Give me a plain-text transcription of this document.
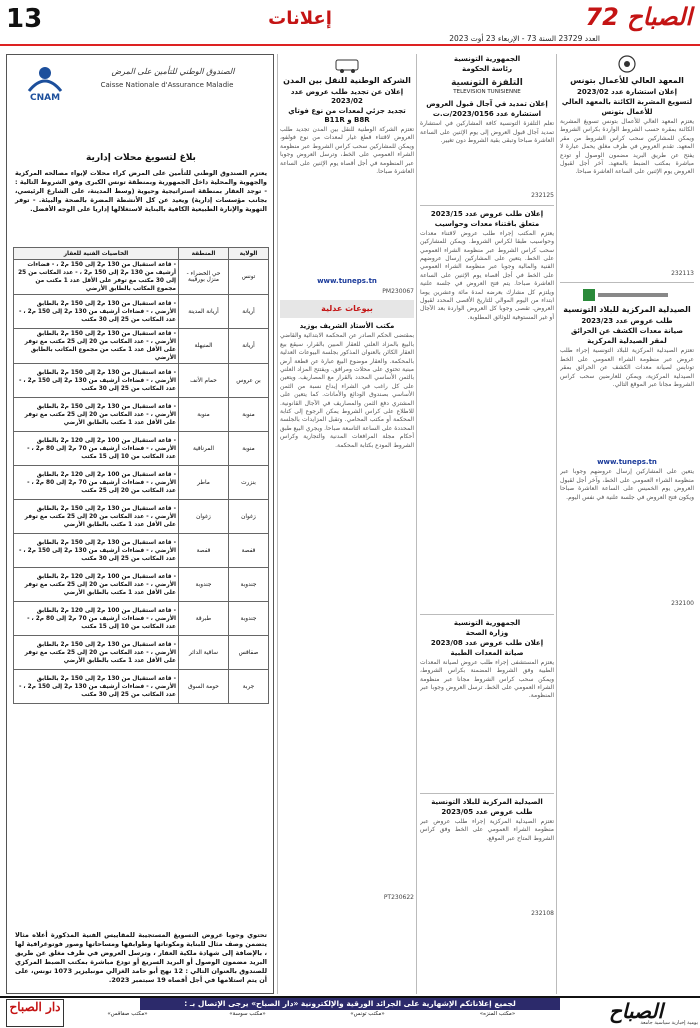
13	إعلانات	72 الصباح
العدد 23729 السنة 73 - الإربعاء 23 أوت 2023
المعهد العالي للأعمال بتونس
إعلان استشارة عدد 2023/02
لتسويغ المشربة الكائنة بالمعهد العالي
للأعمال بتونس
يعتزم المعهد العالي للأعمال بتونس تسويغ المشربة الكائنة بمقره حسب الشروط الواردة بكراس الشروط ويمكن للمشاركين سحب كراس الشروط من مقر المعهد. تقدم العروض في ظرف مغلق يحمل عبارة لا يفتح عن طريق البريد مضمون الوصول أو تودع مباشرة بمكتب الضبط بالمعهد. آخر أجل لقبول العروض يوم الإثنين على الساعة العاشرة صباحا.
232113
الصيدلية المركزية للبلاد التونسية
طلب عروض عدد 2023/23
صيانة معدات الكشف عن الحرائق
لمقر الصيدلية المركزية
تعتزم الصيدلية المركزية للبلاد التونسية إجراء طلب عروض عبر منظومة الشراء العمومي على الخط تونابس لصيانة معدات الكشف عن الحرائق بمقر الصيدلية المركزية، ويمكن للعارضين سحب كراس الشروط مجانا عبر الموقع التالي.
www.tuneps.tn
يتعين على المشاركين إرسال عروضهم وجوبا عبر منظومة الشراء العمومي على الخط، وآخر أجل لقبول العروض يوم الخميس على الساعة العاشرة صباحا ويكون فتح العروض في جلسة علنية في نفس اليوم.
232100
الجمهورية التونسية
رئاسة الحكومة
التلفزة التونسية
TELEVISION TUNISIENNE
إعلان تمديد في آجال قبول العروض
استشارة عدد 2023/0156/ت.ت
تعلم التلفزة التونسية كافة المشاركين في استشارة تمديد آجال قبول العروض إلى يوم الإثنين على الساعة العاشرة صباحا وتبقى بقية الشروط دون تغيير.
232125
إعلان طلب عروض عدد 2023/15
متعلق باقتناء معدات وحواسيب
يعتزم المكتب إجراء طلب عروض لاقتناء معدات وحواسيب طبقا لكراس الشروط. ويمكن للمشاركين سحب كراس الشروط عبر منظومة الشراء العمومي على الخط. يتعين على المشاركين إرسال عروضهم الفنية والمالية وجوبا عبر منظومة الشراء العمومي على الخط في أجل أقصاه يوم الإثنين على الساعة العاشرة صباحا. يتم فتح العروض في جلسة علنية ويلتزم كل مشارك بعرضه لمدة مائة وعشرين يوما ابتداء من اليوم الموالي للتاريخ الأقصى المحدد لقبول العروض. تقصى وجوبا كل العروض الواردة بعد الآجال أو غير المستوفية للوثائق المطلوبة.
الجمهورية التونسية
وزارة الصحة
إعلان طلب عروض عدد 2023/08
صيانة المعدات الطبية
يعتزم المستشفى إجراء طلب عروض لصيانة المعدات الطبية وفق الشروط المضمنة بكراس الشروط، ويمكن سحب كراس الشروط مجانا عبر منظومة الشراء العمومي على الخط. ترسل العروض وجوبا عبر المنظومة.
الصيدلية المركزية للبلاد التونسية
طلب عروض عدد 2023/05
تعتزم الصيدلية المركزية إجراء طلب عروض عبر منظومة الشراء العمومي على الخط وفق كراس الشروط المتاح عبر الموقع.
232108
الشركة الوطنية للنقل بين المدن
إعلان عن تجديد طلب عروض عدد 2023/02
تجديد جزئي لمعدات من نوع فوتاي B8R و B11R
تعتزم الشركة الوطنية للنقل بين المدن تجديد طلب العروض لاقتناء قطع غيار لمعدات من نوع فولفو، ويمكن للمشاركين سحب كراس الشروط عبر منظومة الشراء العمومي على الخط، وترسل العروض وجوبا عبر المنظومة في أجل أقصاه يوم الإثنين على الساعة العاشرة صباحا.
www.tuneps.tn
PM230067
بيوعات عدلية
مكتب الأستاذ الشريف بوزيد
بمقتضى الحكم الصادر عن المحكمة الابتدائية والقاضي بالبيع بالمزاد العلني للعقار المبين بالقرار، سيقع بيع العقار الكائن بالعنوان المذكور بجلسة البيوعات العدلية بالمحكمة. والعقار موضوع البيع عبارة عن قطعة أرض مبنية تحتوي على محلات ومرافق. ويفتتح المزاد العلني بالثمن الأساسي المحدد بالقرار مع المصاريف. ويتعين على كل راغب في الشراء إيداع نسبة من الثمن الأساسي بصندوق الودائع والأمانات. كما يتعين على المشتري دفع الثمن والمصاريف في الآجال القانونية. للاطلاع على كراس الشروط يمكن الرجوع إلى كتابة المحكمة أو مكتب المحامي. وتقبل المزايدات بالجلسة المحددة على الساعة التاسعة صباحا. ويجري البيع طبق أحكام مجلة المرافعات المدنية والتجارية وكراس الشروط المودع بكتابة المحكمة.
PT230622
CNAM
الصندوق الوطني للتأمين على المرض
Caisse Nationale d'Assurance Maladie
بلاغ لتسويغ محلات إدارية
يعتزم الصندوق الوطني للتأمين على المرض كراء محلات لإيواء مصالحه المركزية والجهوية والمحلية داخل الجمهورية وبمنطقة تونس الكبرى وفق الشروط التالية : - توجد العقار بمنطقة استراتيجية وحيوية (وسط المدينة، على الشارع الرئيسي، بجانب مؤسسات إدارية) ويعيد عن كل الأنشطة المضرة بالصحة والبيئة. - توفر التهوية والإنارة الطبيعية الكافية بالبناية لاستغلالها إداريا على الوجه الأفضل.
الولاية	المنطقة	الخاصيات الفنية للعقار
تونس	حي الخضراء - منزل بورقيبة	- قاعة استقبال من 130 م2 إلى 150 م2 ، - فضاءات أرشيف من 130 م2 إلى 150 م2 ، - عدد المكاتب من 25 إلى 30 مكتب مع توفر على الأقل عدد 1 مكتب من مجموع المكاتب بالطابق الأرضي
أريانة	أريانة المدينة	- قاعة استقبال من 130 م2 إلى 150 م2 بالطابق الأرضي ، - فضاءات أرشيف من 130 م2 إلى 150 م2 ، - عدد المكاتب من 25 إلى 30 مكتب
أريانة	المنيهلة	- قاعة استقبال من 130 م2 إلى 150 م2 بالطابق الأرضي ، - عدد المكاتب من 20 إلى 25 مكتب مع توفر على الأقل عدد 1 مكتب من مجموع المكاتب بالطابق الأرضي
بن عروس	حمام الأنف	- قاعة استقبال من 130 م2 إلى 150 م2 بالطابق الأرضي ، - فضاءات أرشيف من 130 م2 إلى 150 م2 ، - عدد المكاتب من 25 إلى 30 مكتب
منوبة	منوبة	- قاعة استقبال من 130 م2 إلى 150 م2 بالطابق الأرضي ، - عدد المكاتب من 20 إلى 25 مكتب مع توفر على الأقل عدد 1 مكتب بالطابق الأرضي
منوبة	المرناقية	- قاعة استقبال من 100 م2 إلى 120 م2 بالطابق الأرضي ، - فضاءات أرشيف من 70 م2 إلى 80 م2 ، - عدد المكاتب من 10 إلى 15 مكتب
بنزرت	ماطر	- قاعة استقبال من 100 م2 إلى 120 م2 بالطابق الأرضي ، - فضاءات أرشيف من 70 م2 إلى 80 م2 ، - عدد المكاتب من 20 إلى 25 مكتب
زغوان	زغوان	- قاعة استقبال من 130 م2 إلى 150 م2 بالطابق الأرضي ، - عدد المكاتب من 20 إلى 25 مكتب مع توفر على الأقل عدد 1 مكتب بالطابق الأرضي
قفصة	قفصة	- قاعة استقبال من 130 م2 إلى 150 م2 بالطابق الأرضي ، - فضاءات أرشيف من 130 م2 إلى 150 م2 ، - عدد المكاتب من 25 إلى 30 مكتب
جندوبة	جندوبة	- قاعة استقبال من 100 م2 إلى 120 م2 بالطابق الأرضي ، - عدد المكاتب من 20 إلى 25 مكتب مع توفر على الأقل عدد 1 مكتب بالطابق الأرضي
جندوبة	طبرقة	- قاعة استقبال من 100 م2 إلى 120 م2 بالطابق الأرضي ، - فضاءات أرشيف من 70 م2 إلى 80 م2 ، - عدد المكاتب من 10 إلى 15 مكتب
صفاقس	ساقية الدائر	- قاعة استقبال من 130 م2 إلى 150 م2 بالطابق الأرضي ، - عدد المكاتب من 20 إلى 25 مكتب مع توفر على الأقل عدد 1 مكتب بالطابق الأرضي
جربة	حومة السوق	- قاعة استقبال من 130 م2 إلى 150 م2 بالطابق الأرضي ، - فضاءات أرشيف من 130 م2 إلى 150 م2 ، - عدد المكاتب من 25 إلى 30 مكتب
تحتوي وجوبا عروض التسويغ المستجيبة للمقاييس الفنية المذكورة أعلاه مثالا يتضمن وصف مثال للبناية ومكوناتها وطوابقها ومساحاتها وصور فوتوغرافية لها ، بالإضافة إلى شهادة ملكية العقار ، وترسل العروض في ظرف مغلق عن طريق البريد مضمون الوصول أو البريد السريع أو تودع مباشرة بمكتب الضبط المركزي للصندوق بالعنوان التالي : 12 نهج أبو حامد الغزالي مونبليزير 1073 تونس، على أن يتم استلامها في أجل أقصاه 19 سبتمبر 2023.
لجميع إعلاناتكم الإشهارية على الجرائد الورقية والإلكترونية «دار الصباح» يرجى الإتصال بـ :
دار الصباح	«مكتب صفاقس»	«مكتب سوسة»	«مكتب تونس»	«مكتب المنزه»	الصباح
يومية إخبارية سياسية جامعة
